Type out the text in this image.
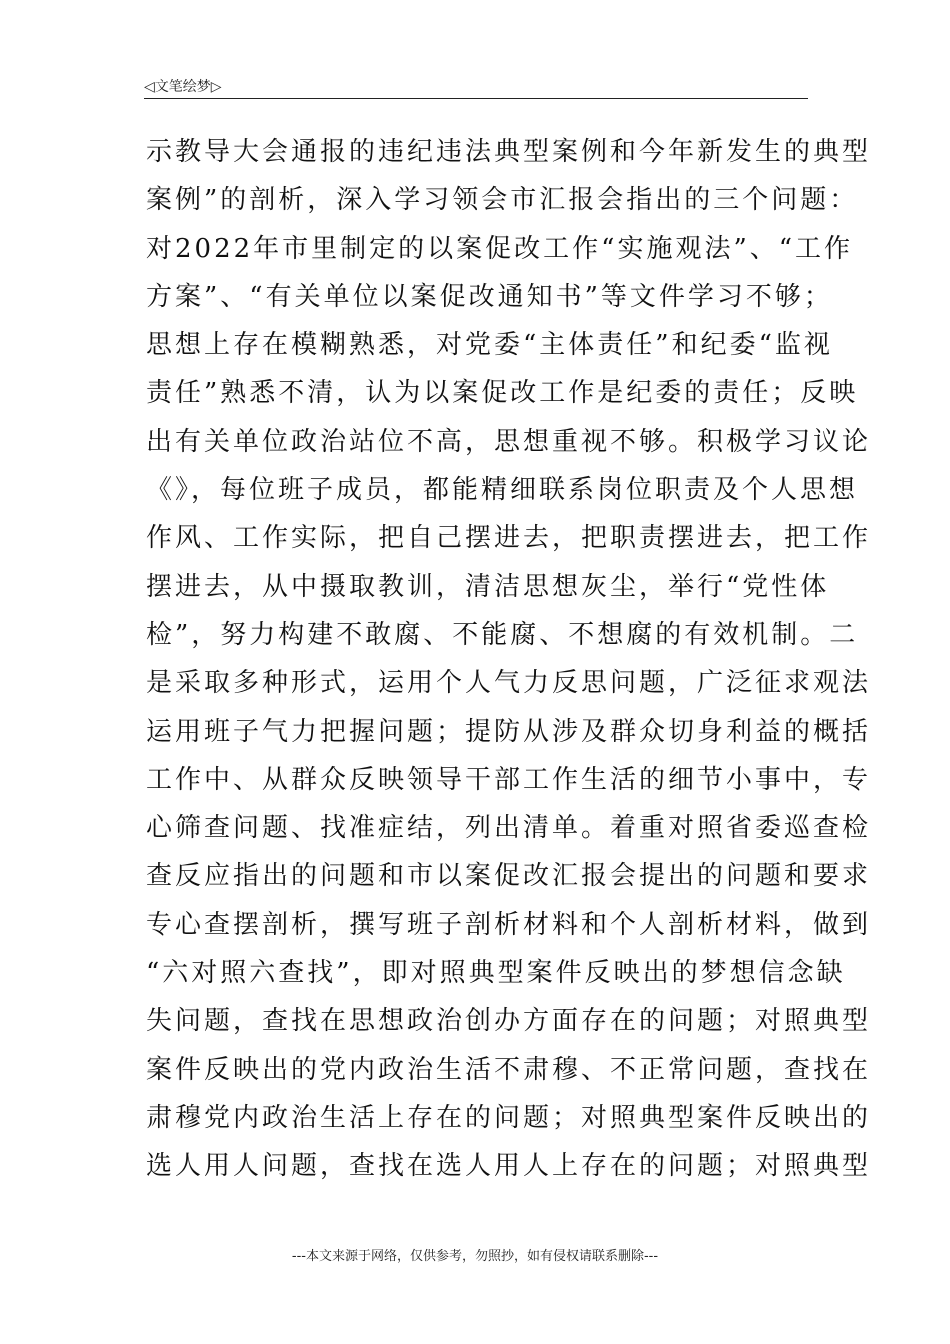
◁文笔绘梦▷
示教导大会通报的违纪违法典型案例和今年新发生的典型
案例”的剖析，深入学习领会市汇报会指出的三个问题：
对2022年市里制定的以案促改工作“实施观法”、“工作
方案”、“有关单位以案促改通知书”等文件学习不够；
思想上存在模糊熟悉，对党委“主体责任”和纪委“监视
责任”熟悉不清，认为以案促改工作是纪委的责任；反映
出有关单位政治站位不高，思想重视不够。积极学习议论
《》，每位班子成员，都能精细联系岗位职责及个人思想
作风、工作实际，把自己摆进去，把职责摆进去，把工作
摆进去，从中摄取教训，清洁思想灰尘，举行“党性体
检”，努力构建不敢腐、不能腐、不想腐的有效机制。二
是采取多种形式，运用个人气力反思问题，广泛征求观法
运用班子气力把握问题；提防从涉及群众切身利益的概括
工作中、从群众反映领导干部工作生活的细节小事中，专
心筛查问题、找准症结，列出清单。着重对照省委巡查检
查反应指出的问题和市以案促改汇报会提出的问题和要求
专心查摆剖析，撰写班子剖析材料和个人剖析材料，做到
“六对照六查找”，即对照典型案件反映出的梦想信念缺
失问题，查找在思想政治创办方面存在的问题；对照典型
案件反映出的党内政治生活不肃穆、不正常问题，查找在
肃穆党内政治生活上存在的问题；对照典型案件反映出的
选人用人问题，查找在选人用人上存在的问题；对照典型
---本文来源于网络，仅供参考，勿照抄，如有侵权请联系删除---
